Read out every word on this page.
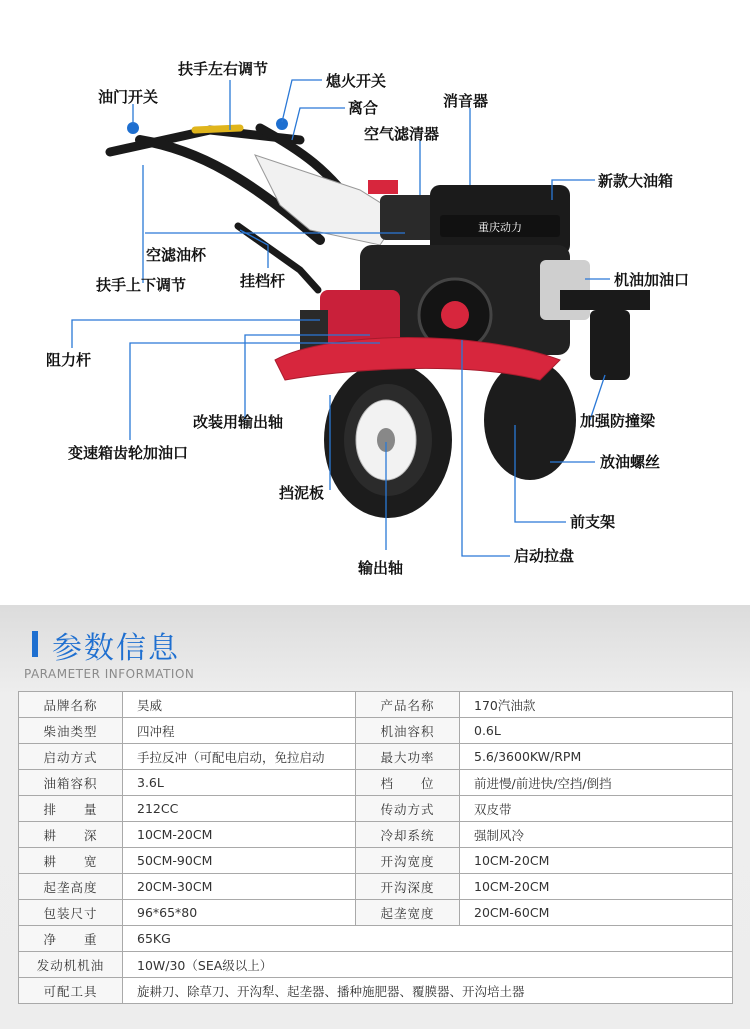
重庆动力
扶手左右调节
熄火开关
油门开关
离合	消音器
空气滤清器
新款大油箱
空滤油杯
挂档杆
扶手上下调节	机油加油口
阻力杆
加强防撞梁
改装用输出轴
变速箱齿轮加油口	放油螺丝
挡泥板
前支架
启动拉盘
输出轴
参数信息
PARAMETER INFORMATION
品牌名称	昊威	产品名称	170汽油款
柴油类型	四冲程	机油容积	0.6L
启动方式	手拉反冲（可配电启动，免拉启动	最大功率	5.6/3600KW/RPM
油箱容积	3.6L	档　　位	前进慢/前进快/空挡/倒挡
排　　量	212CC	传动方式	双皮带
耕　　深	10CM-20CM	冷却系统	强制风冷
耕　　宽	50CM-90CM	开沟宽度	10CM-20CM
起垄高度	20CM-30CM	开沟深度	10CM-20CM
包装尺寸	96*65*80	起垄宽度	20CM-60CM
净　　重	65KG		
发动机机油	10W/30（SEA级以上）		
可配工具	旋耕刀、除草刀、开沟犁、起垄器、播种施肥器、覆膜器、开沟培土器		
